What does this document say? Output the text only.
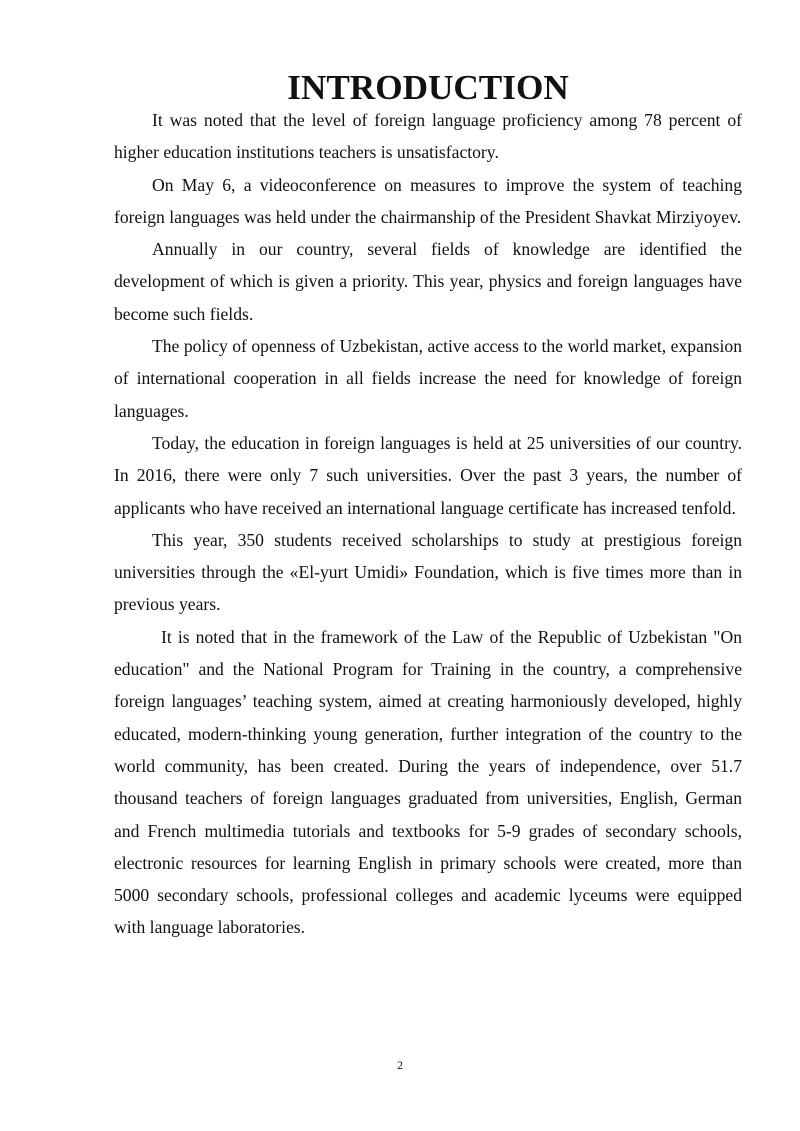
INTRODUCTION

It was noted that the level of foreign language proficiency among 78 percent of higher education institutions teachers is unsatisfactory.

On May 6, a videoconference on measures to improve the system of teaching foreign languages was held under the chairmanship of the President Shavkat Mirziyoyev.

Annually in our country, several fields of knowledge are identified the development of which is given a priority. This year, physics and foreign languages have become such fields.

The policy of openness of Uzbekistan, active access to the world market, expansion of international cooperation in all fields increase the need for knowledge of foreign languages.

Today, the education in foreign languages is held at 25 universities of our country. In 2016, there were only 7 such universities. Over the past 3 years, the number of applicants who have received an international language certificate has increased tenfold.

This year, 350 students received scholarships to study at prestigious foreign universities through the «El-yurt Umidi» Foundation, which is five times more than in previous years.

It is noted that in the framework of the Law of the Republic of Uzbekistan "On education" and the National Program for Training in the country, a comprehensive foreign languages’ teaching system, aimed at creating harmoniously developed, highly educated, modern-thinking young generation, further integration of the country to the world community, has been created. During the years of independence, over 51.7 thousand teachers of foreign languages graduated from universities, English, German and French multimedia tutorials and textbooks for 5-9 grades of secondary schools, electronic resources for learning English in primary schools were created, more than 5000 secondary schools, professional colleges and academic lyceums were equipped with language laboratories.

2
